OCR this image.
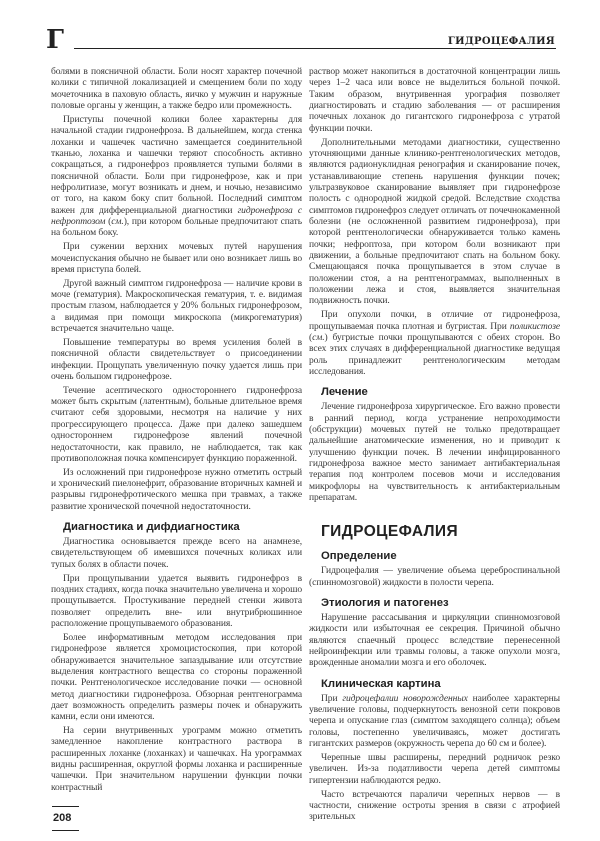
Г	ГИДРОЦЕФАЛИЯ

болями в поясничной области. Боли носят характер почечной колики с типичной локализацией и смещением боли по ходу мочеточника в паховую область, яичко у мужчин и наружные половые органы у женщин, а также бедро или промежность.

Приступы почечной колики более характерны для начальной стадии гидронефроза. В дальнейшем, когда стенка лоханки и чашечек частично замещается соединительной тканью, лоханка и чашечки теряют способность активно сокращаться, а гидронефроз проявляется тупыми болями в поясничной области. Боли при гидронефрозе, как и при нефролитиазе, могут возникать и днем, и ночью, независимо от того, на каком боку спит больной. Последний симптом важен для дифференциальной диагностики гидронефроза с нефроптозом (см.), при котором больные предпочитают спать на больном боку.

При сужении верхних мочевых путей нарушения мочеиспускания обычно не бывает или оно возникает лишь во время приступа болей.

Другой важный симптом гидронефроза — наличие крови в моче (гематурия). Макроскопическая гематурия, т. е. видимая простым глазом, наблюдается у 20% больных гидронефрозом, а видимая при помощи микроскопа (микрогематурия) встречается значительно чаще.

Повышение температуры во время усиления болей в поясничной области свидетельствует о присоединении инфекции. Прощупать увеличенную почку удается лишь при очень большом гидронефрозе.

Течение асептического одностороннего гидронефроза может быть скрытым (латентным), больные длительное время считают себя здоровыми, несмотря на наличие у них прогрессирующего процесса. Даже при далеко зашедшем одностороннем гидронефрозе явлений почечной недостаточности, как правило, не наблюдается, так как противоположная почка компенсирует функцию пораженной.

Из осложнений при гидронефрозе нужно отметить острый и хронический пиелонефрит, образование вторичных камней и разрывы гидронефротического мешка при травмах, а также развитие хронической почечной недостаточности.

Диагностика и дифдиагностика

Диагностика основывается прежде всего на анамнезе, свидетельствующем об имевшихся почечных коликах или тупых болях в области почек.

При прощупывании удается выявить гидронефроз в поздних стадиях, когда почка значительно увеличена и хорошо прощупывается. Простукивание передней стенки живота позволяет определить вне- или внутрибрюшинное расположение прощупываемого образования.

Более информативным методом исследования при гидронефрозе является хромоцистоскопия, при которой обнаруживается значительное запаздывание или отсутствие выделения контрастного вещества со стороны пораженной почки. Рентгенологическое исследование почки — основной метод диагностики гидронефроза. Обзорная рентгенограмма дает возможность определить размеры почек и обнаружить камни, если они имеются.

На серии внутривенных урограмм можно отметить замедленное накопление контрастного раствора в расширенных лоханке (лоханках) и чашечках. На урограммах видны расширенная, округлой формы лоханка и расширенные чашечки. При значительном нарушении функции почки контрастный

раствор может накопиться в достаточной концентрации лишь через 1–2 часа или вовсе не выделиться больной почкой. Таким образом, внутривенная урография позволяет диагностировать и стадию заболевания — от расширения почечных лоханок до гигантского гидронефроза с утратой функции почки.

Дополнительными методами диагностики, существенно уточняющими данные клинико-рентгенологических методов, являются радионуклидная ренография и сканирование почек, устанавливающие степень нарушения функции почек; ультразвуковое сканирование выявляет при гидронефрозе полость с однородной жидкой средой. Вследствие сходства симптомов гидронефроз следует отличать от почечнокаменной болезни (не осложненной развитием гидронефроза), при которой рентгенологически обнаруживается только камень почки; нефроптоза, при котором боли возникают при движении, а больные предпочитают спать на больном боку. Смещающаяся почка прощупывается в этом случае в положении стоя, а на рентгенограммах, выполненных в положении лежа и стоя, выявляется значительная подвижность почки.

При опухоли почки, в отличие от гидронефроза, прощупываемая почка плотная и бугристая. При поликистозе (см.) бугристые почки прощупываются с обеих сторон. Во всех этих случаях в дифференциальной диагностике ведущая роль принадлежит рентгенологическим методам исследования.

Лечение

Лечение гидронефроза хирургическое. Его важно провести в ранний период, когда устранение непроходимости (обструкции) мочевых путей не только предотвращает дальнейшие анатомические изменения, но и приводит к улучшению функции почек. В лечении инфицированного гидронефроза важное место занимает антибактериальная терапия под контролем посевов мочи и исследования микрофлоры на чувствительность к антибактериальным препаратам.

ГИДРОЦЕФАЛИЯ
Определение

Гидроцефалия — увеличение объема цереброспинальной (спинномозговой) жидкости в полости черепа.

Этиология и патогенез

Нарушение рассасывания и циркуляции спинномозговой жидкости или избыточная ее секреция. Причиной обычно являются спаечный процесс вследствие перенесенной нейроинфекции или травмы головы, а также опухоли мозга, врожденные аномалии мозга и его оболочек.

Клиническая картина

При гидроцефалии новорожденных наиболее характерны увеличение головы, подчеркнутость венозной сети покровов черепа и опускание глаз (симптом заходящего солнца); объем головы, постепенно увеличиваясь, может достигать гигантских размеров (окружность черепа до 60 см и более).

Черепные швы расширены, передний родничок резко увеличен. Из-за податливости черепа детей симптомы гипертензии наблюдаются редко.

Часто встречаются параличи черепных нервов — в частности, снижение остроты зрения в связи с атрофией зрительных

208
